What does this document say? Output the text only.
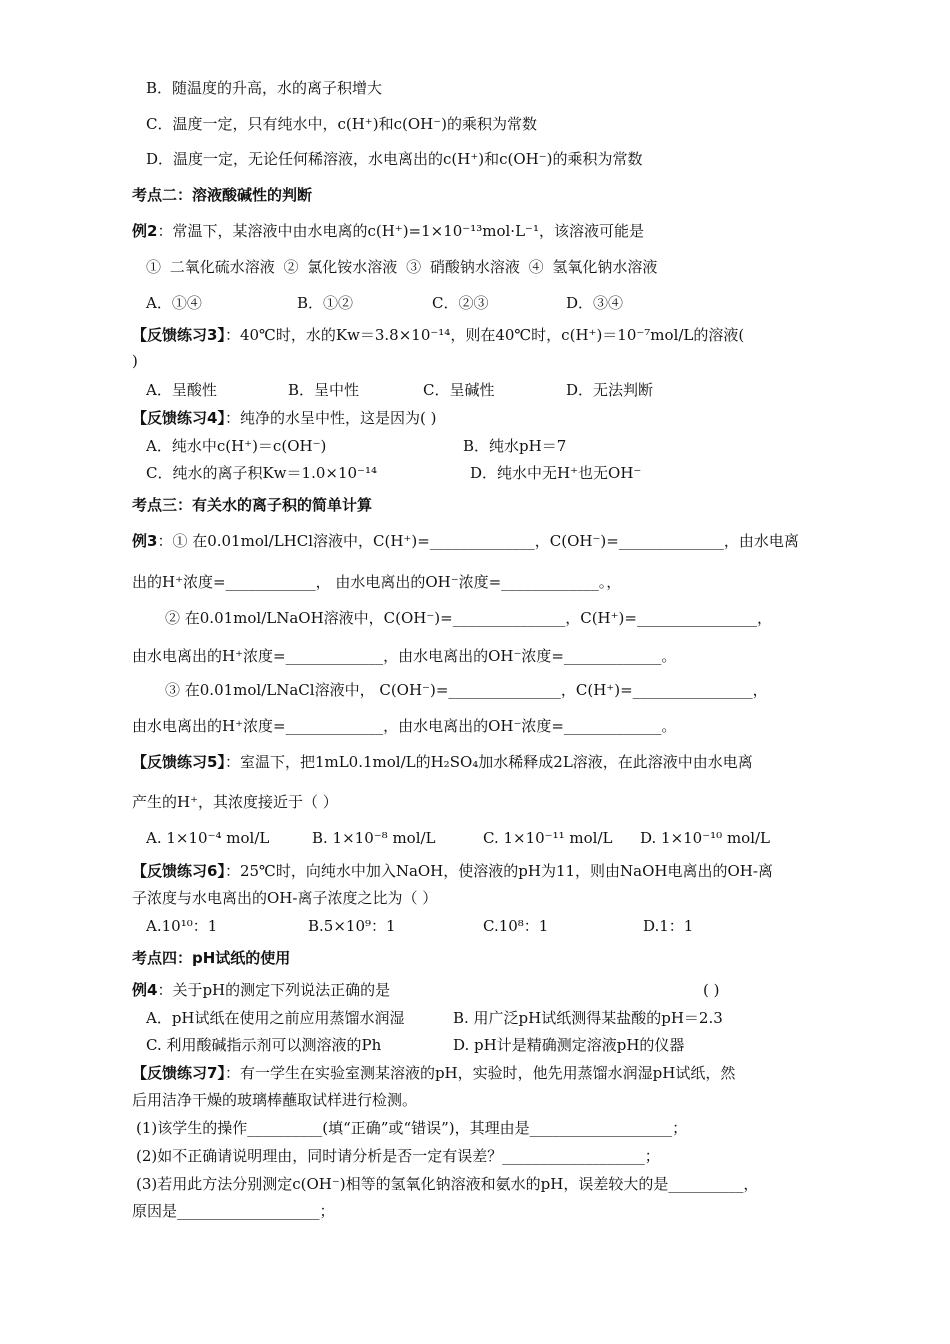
B．随温度的升高，水的离子积增大
C．温度一定，只有纯水中，c(H⁺)和c(OH⁻)的乘积为常数
D．温度一定，无论任何稀溶液，水电离出的c(H⁺)和c(OH⁻)的乘积为常数
考点二：溶液酸碱性的判断
例2：常温下，某溶液中由水电离的c(H⁺)=1×10⁻¹³mol·L⁻¹，该溶液可能是
① 二氧化硫水溶液 ② 氯化铵水溶液 ③ 硝酸钠水溶液 ④ 氢氧化钠水溶液
A．①④	B．①②	C．②③	D．③④
【反馈练习3】：40℃时，水的Kw＝3.8×10⁻¹⁴，则在40℃时，c(H⁺)＝10⁻⁷mol/L的溶液(
)
A．呈酸性	B．呈中性	C．呈碱性	D．无法判断
【反馈练习4】：纯净的水呈中性，这是因为( )
A．纯水中c(H⁺)＝c(OH⁻)	B．纯水pH＝7
C．纯水的离子积Kw＝1.0×10⁻¹⁴	D．纯水中无H⁺也无OH⁻
考点三：有关水的离子积的简单计算
例3：① 在0.01mol/LHCl溶液中，C(H⁺)=______________，C(OH⁻)=______________，由水电离
出的H⁺浓度=____________， 由水电离出的OH⁻浓度=_____________。，
② 在0.01mol/LNaOH溶液中，C(OH⁻)=_______________，C(H⁺)=________________，
由水电离出的H⁺浓度=_____________，由水电离出的OH⁻浓度=_____________。
③ 在0.01mol/LNaCl溶液中， C(OH⁻)=_______________，C(H⁺)=________________，
由水电离出的H⁺浓度=_____________，由水电离出的OH⁻浓度=_____________。
【反馈练习5】：室温下，把1mL0.1mol/L的H₂SO₄加水稀释成2L溶液，在此溶液中由水电离
产生的H⁺，其浓度接近于（ ）
A. 1×10⁻⁴ mol/L	B. 1×10⁻⁸ mol/L	C. 1×10⁻¹¹ mol/L D. 1×10⁻¹⁰ mol/L
【反馈练习6】：25℃时，向纯水中加入NaOH，使溶液的pH为11，则由NaOH电离出的OH-离
子浓度与水电离出的OH-离子浓度之比为（ ）
A.10¹⁰：1	B.5×10⁹：1	C.10⁸：1	D.1：1
考点四：pH试纸的使用
例4：关于pH的测定下列说法正确的是	( )
A．pH试纸在使用之前应用蒸馏水润湿	B. 用广泛pH试纸测得某盐酸的pH＝2.3
C. 利用酸碱指示剂可以测溶液的Ph	D. pH计是精确测定溶液pH的仪器
【反馈练习7】：有一学生在实验室测某溶液的pH，实验时，他先用蒸馏水润湿pH试纸，然
后用洁净干燥的玻璃棒蘸取试样进行检测。
(1)该学生的操作__________(填“正确”或“错误”)，其理由是___________________；
(2)如不正确请说明理由，同时请分析是否一定有误差？___________________；
(3)若用此方法分别测定c(OH⁻)相等的氢氧化钠溶液和氨水的pH，误差较大的是__________，
原因是___________________；
